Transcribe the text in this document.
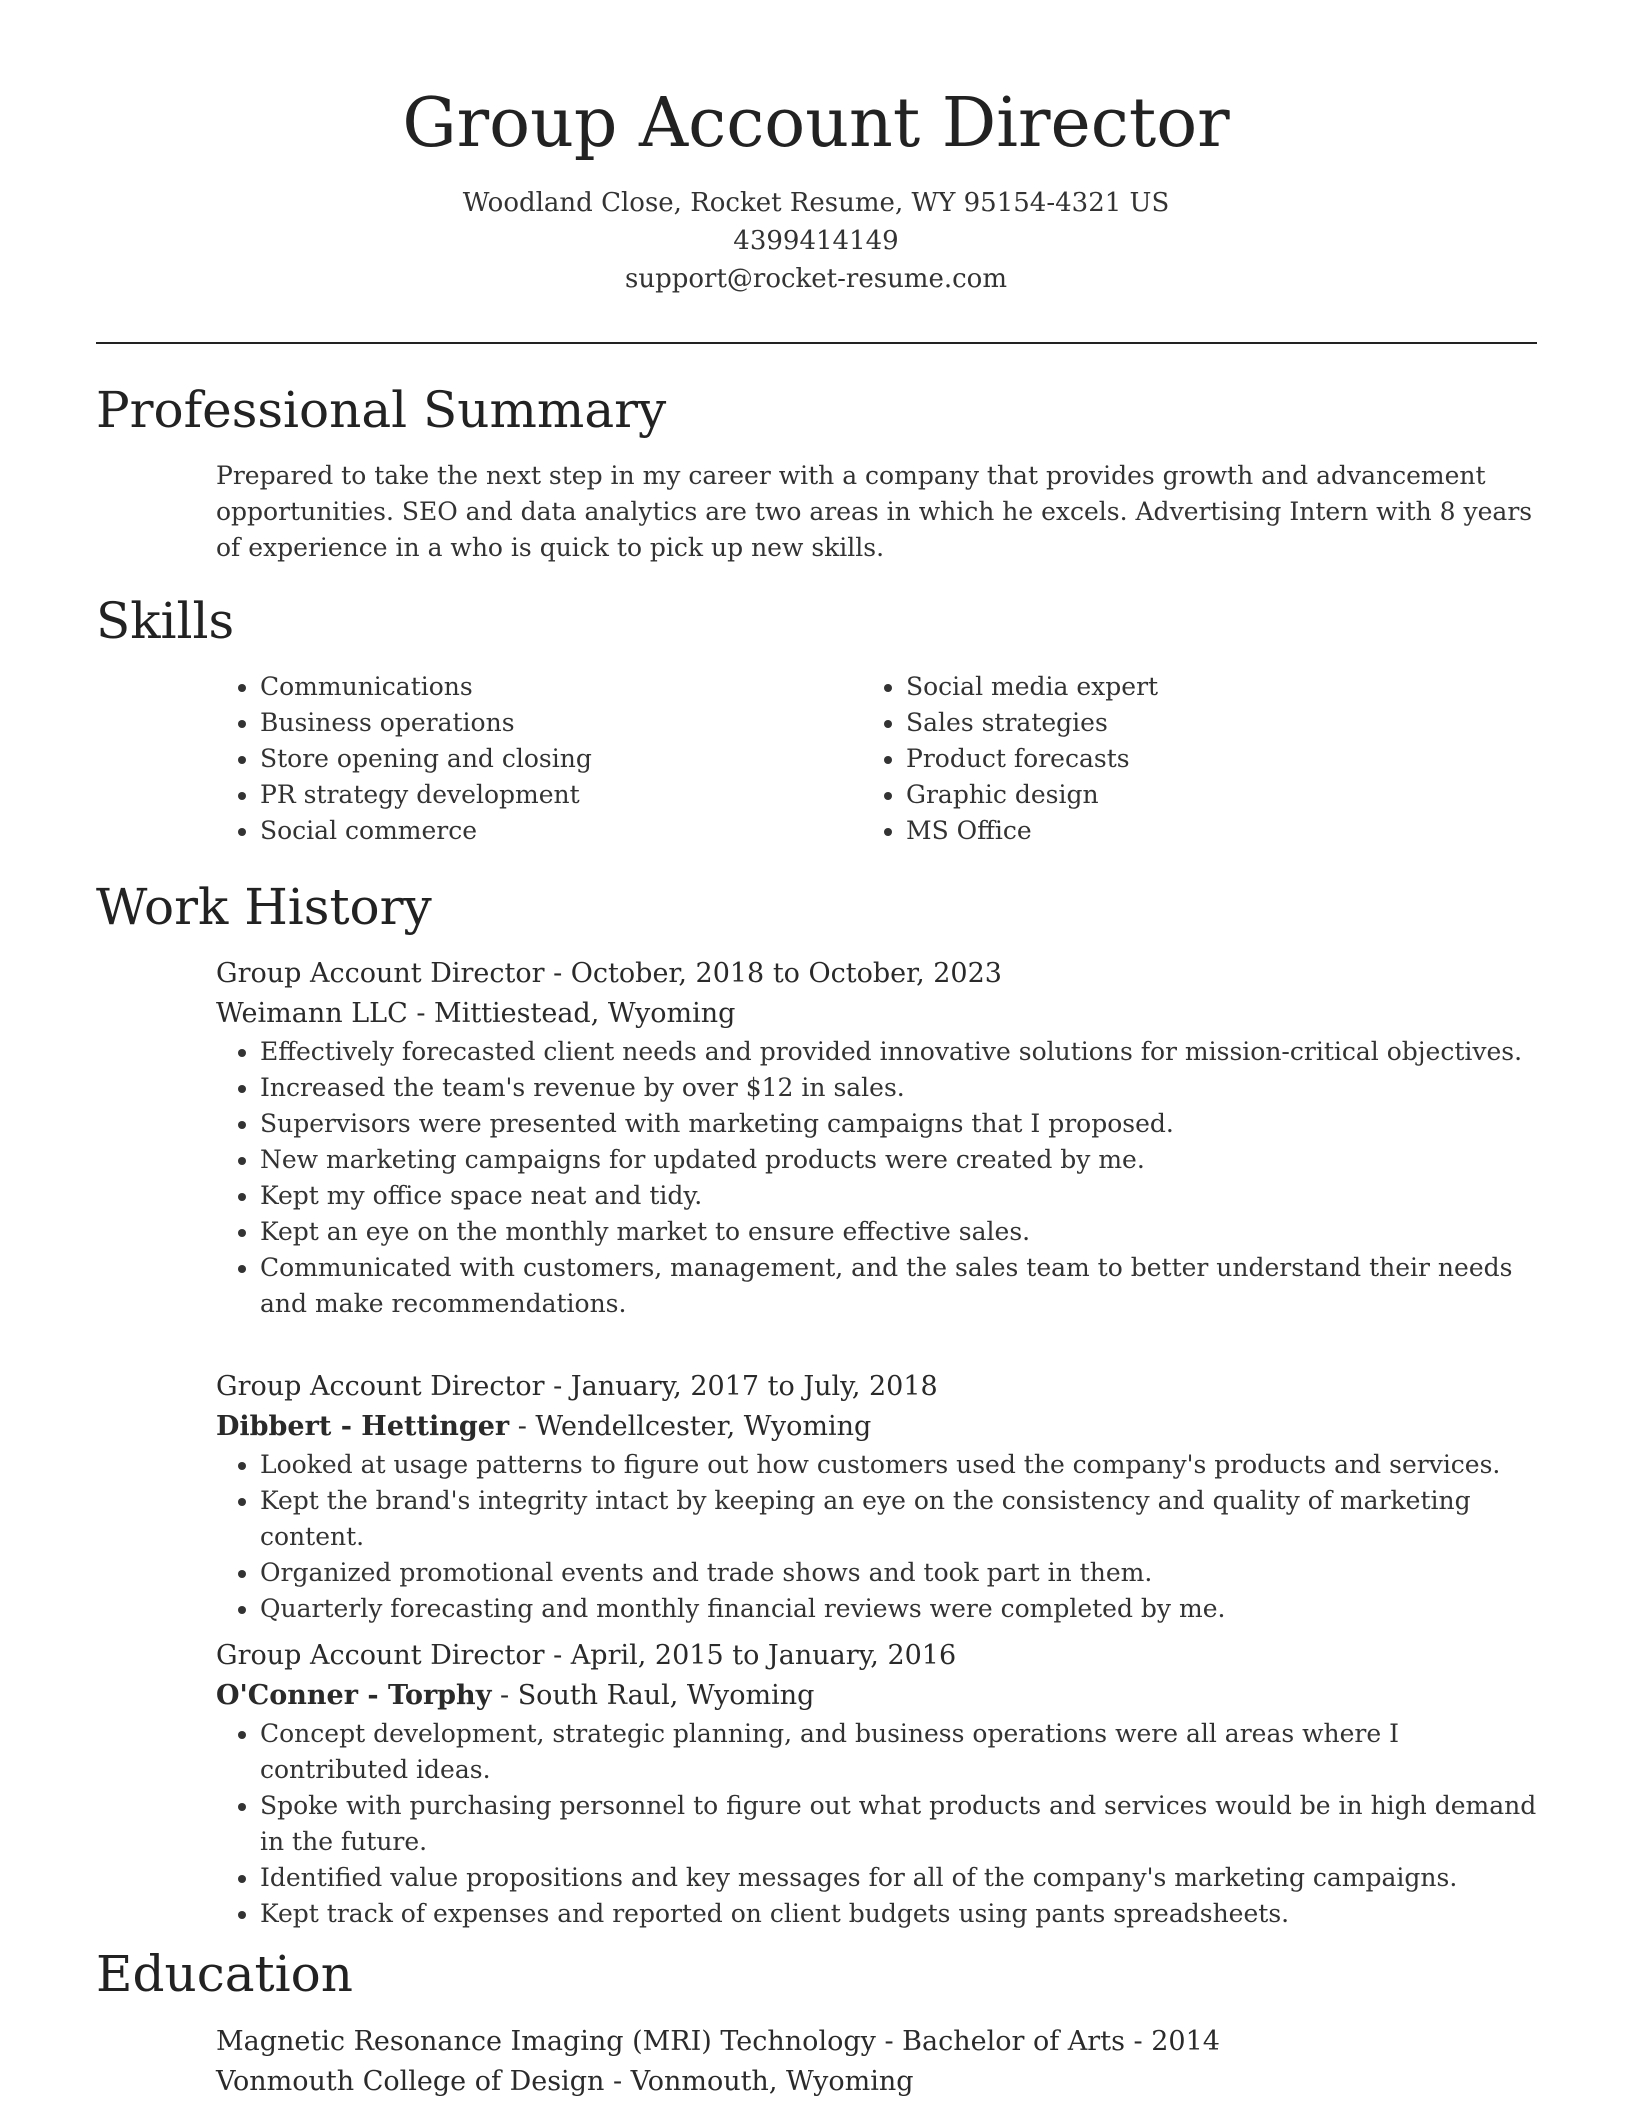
Group Account Director
Woodland Close, Rocket Resume, WY 95154-4321 US
4399414149
support@rocket-resume.com
Professional Summary

Prepared to take the next step in my career with a company that provides growth and advancement opportunities. SEO and data analytics are two areas in which he excels. Advertising Intern with 8 years of experience in a who is quick to pick up new skills.

Skills
• Communications
• Business operations
• Store opening and closing
• PR strategy development
• Social commerce
• Social media expert
• Sales strategies
• Product forecasts
• Graphic design
• MS Office
Work History
Group Account Director - October, 2018 to October, 2023
Weimann LLC - Mittiestead, Wyoming
• Effectively forecasted client needs and provided innovative solutions for mission-critical objectives.
• Increased the team's revenue by over $12 in sales.
• Supervisors were presented with marketing campaigns that I proposed.
• New marketing campaigns for updated products were created by me.
• Kept my office space neat and tidy.
• Kept an eye on the monthly market to ensure effective sales.
• Communicated with customers, management, and the sales team to better understand their needs and make recommendations.
Group Account Director - January, 2017 to July, 2018
Dibbert - Hettinger - Wendellcester, Wyoming
• Looked at usage patterns to figure out how customers used the company's products and services.
• Kept the brand's integrity intact by keeping an eye on the consistency and quality of marketing content.
• Organized promotional events and trade shows and took part in them.
• Quarterly forecasting and monthly financial reviews were completed by me.
Group Account Director - April, 2015 to January, 2016
O'Conner - Torphy - South Raul, Wyoming
• Concept development, strategic planning, and business operations were all areas where I contributed ideas.
• Spoke with purchasing personnel to figure out what products and services would be in high demand in the future.
• Identified value propositions and key messages for all of the company's marketing campaigns.
• Kept track of expenses and reported on client budgets using pants spreadsheets.
Education
Magnetic Resonance Imaging (MRI) Technology - Bachelor of Arts - 2014
Vonmouth College of Design - Vonmouth, Wyoming
